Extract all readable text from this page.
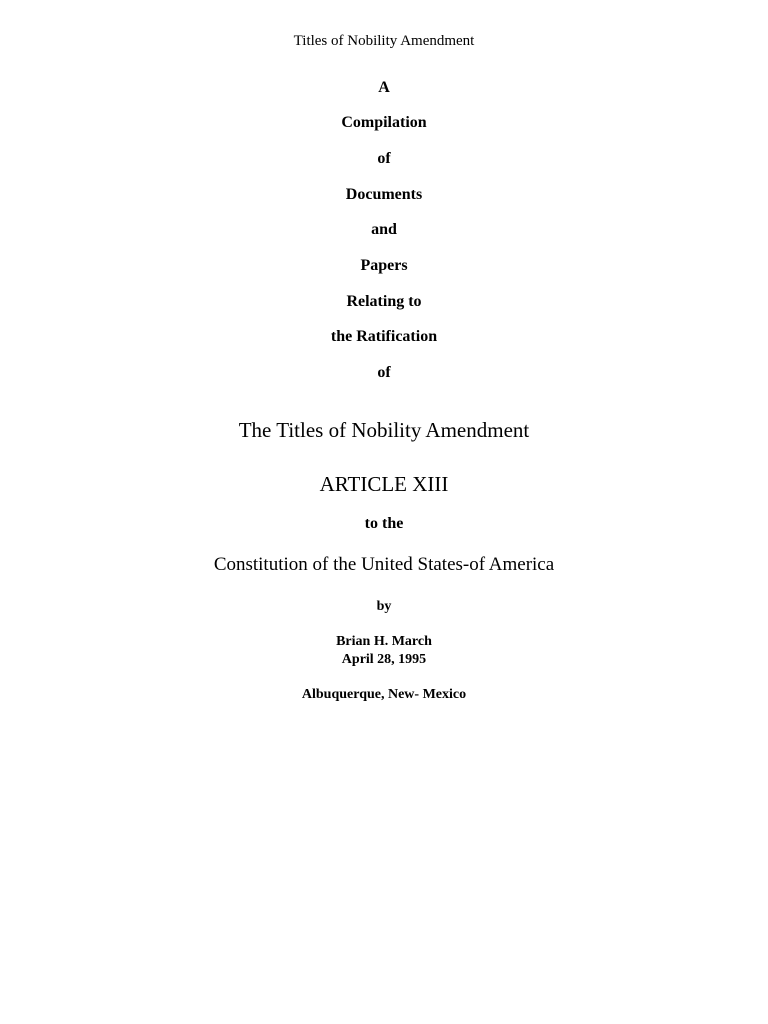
Titles of Nobility Amendment
A
Compilation
of
Documents
and
Papers
Relating to
the Ratification
of
The Titles of Nobility Amendment
ARTICLE XIII
to the
Constitution of the United States-of America
by
Brian H. March
April 28, 1995
Albuquerque, New- Mexico
